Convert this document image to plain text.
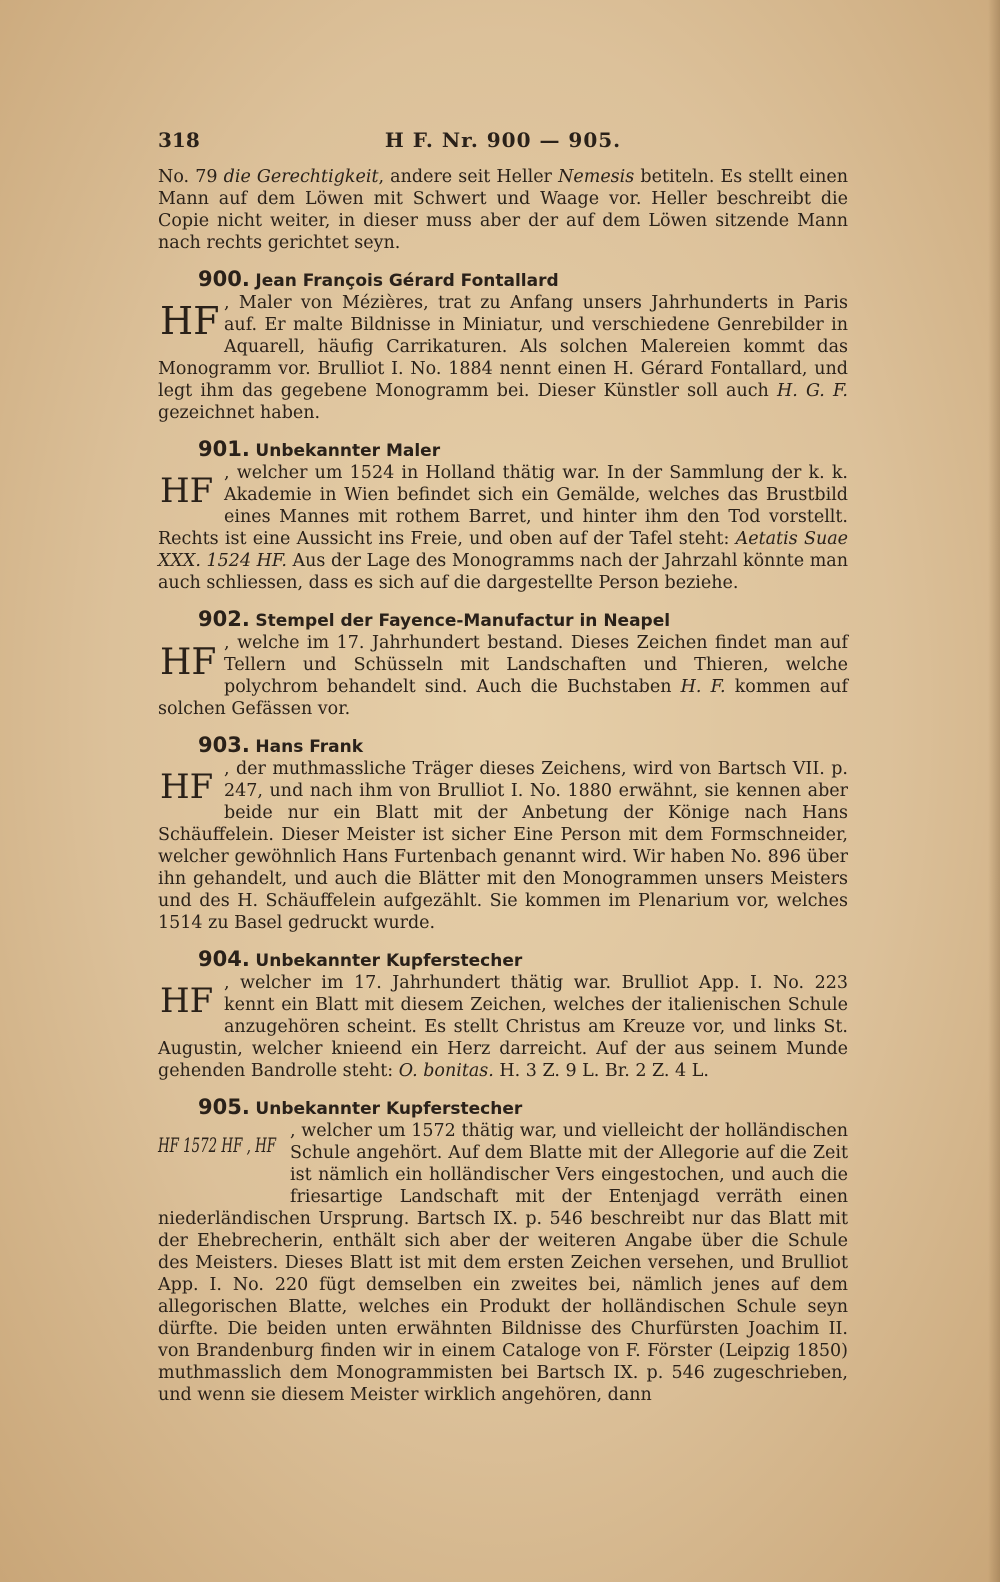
318	H F. Nr. 900 — 905.

No. 79 die Gerechtigkeit, andere seit Heller Nemesis betiteln. Es stellt einen Mann auf dem Löwen mit Schwert und Waage vor. Heller beschreibt die Copie nicht weiter, in dieser muss aber der auf dem Löwen sitzende Mann nach rechts gerichtet seyn.

900. Jean François Gérard Fontallard

HF , Maler von Mézières, trat zu Anfang unsers Jahrhunderts in Paris auf. Er malte Bildnisse in Miniatur, und verschiedene Genrebilder in Aquarell, häufig Carrikaturen. Als solchen Malereien kommt das Monogramm vor. Brulliot I. No. 1884 nennt einen H. Gérard Fontallard, und legt ihm das gegebene Monogramm bei. Dieser Künstler soll auch H. G. F. gezeichnet haben.

901. Unbekannter Maler

HF , welcher um 1524 in Holland thätig war. In der Sammlung der k. k. Akademie in Wien befindet sich ein Gemälde, welches das Brustbild eines Mannes mit rothem Barret, und hinter ihm den Tod vorstellt. Rechts ist eine Aussicht ins Freie, und oben auf der Tafel steht: Aetatis Suae XXX. 1524 HF. Aus der Lage des Monogramms nach der Jahrzahl könnte man auch schliessen, dass es sich auf die dargestellte Person beziehe.

902. Stempel der Fayence-Manufactur in Neapel

HF , welche im 17. Jahrhundert bestand. Dieses Zeichen findet man auf Tellern und Schüsseln mit Landschaften und Thieren, welche polychrom behandelt sind. Auch die Buchstaben H. F. kommen auf solchen Gefässen vor.

903. Hans Frank

HF , der muthmassliche Träger dieses Zeichens, wird von Bartsch VII. p. 247, und nach ihm von Brulliot I. No. 1880 erwähnt, sie kennen aber beide nur ein Blatt mit der Anbetung der Könige nach Hans Schäuffelein. Dieser Meister ist sicher Eine Person mit dem Formschneider, welcher gewöhnlich Hans Furtenbach genannt wird. Wir haben No. 896 über ihn gehandelt, und auch die Blätter mit den Monogrammen unsers Meisters und des H. Schäuffelein aufgezählt. Sie kommen im Plenarium vor, welches 1514 zu Basel gedruckt wurde.

904. Unbekannter Kupferstecher

HF , welcher im 17. Jahrhundert thätig war. Brulliot App. I. No. 223 kennt ein Blatt mit diesem Zeichen, welches der italienischen Schule anzugehören scheint. Es stellt Christus am Kreuze vor, und links St. Augustin, welcher knieend ein Herz darreicht. Auf der aus seinem Munde gehenden Bandrolle steht: O. bonitas. H. 3 Z. 9 L. Br. 2 Z. 4 L.

905. Unbekannter Kupferstecher

HF 1572 HF , HF

, welcher um 1572 thätig war, und vielleicht der holländischen Schule angehört. Auf dem Blatte mit der Allegorie auf die Zeit ist nämlich ein holländischer Vers eingestochen, und auch die friesartige Landschaft mit der Entenjagd verräth einen niederländischen Ursprung. Bartsch IX. p. 546 beschreibt nur das Blatt mit der Ehebrecherin, enthält sich aber der weiteren Angabe über die Schule des Meisters. Dieses Blatt ist mit dem ersten Zeichen versehen, und Brulliot App. I. No. 220 fügt demselben ein zweites bei, nämlich jenes auf dem allegorischen Blatte, welches ein Produkt der holländischen Schule seyn dürfte. Die beiden unten erwähnten Bildnisse des Churfürsten Joachim II. von Brandenburg finden wir in einem Cataloge von F. Förster (Leipzig 1850) muthmasslich dem Monogrammisten bei Bartsch IX. p. 546 zugeschrieben, und wenn sie diesem Meister wirklich angehören, dann
